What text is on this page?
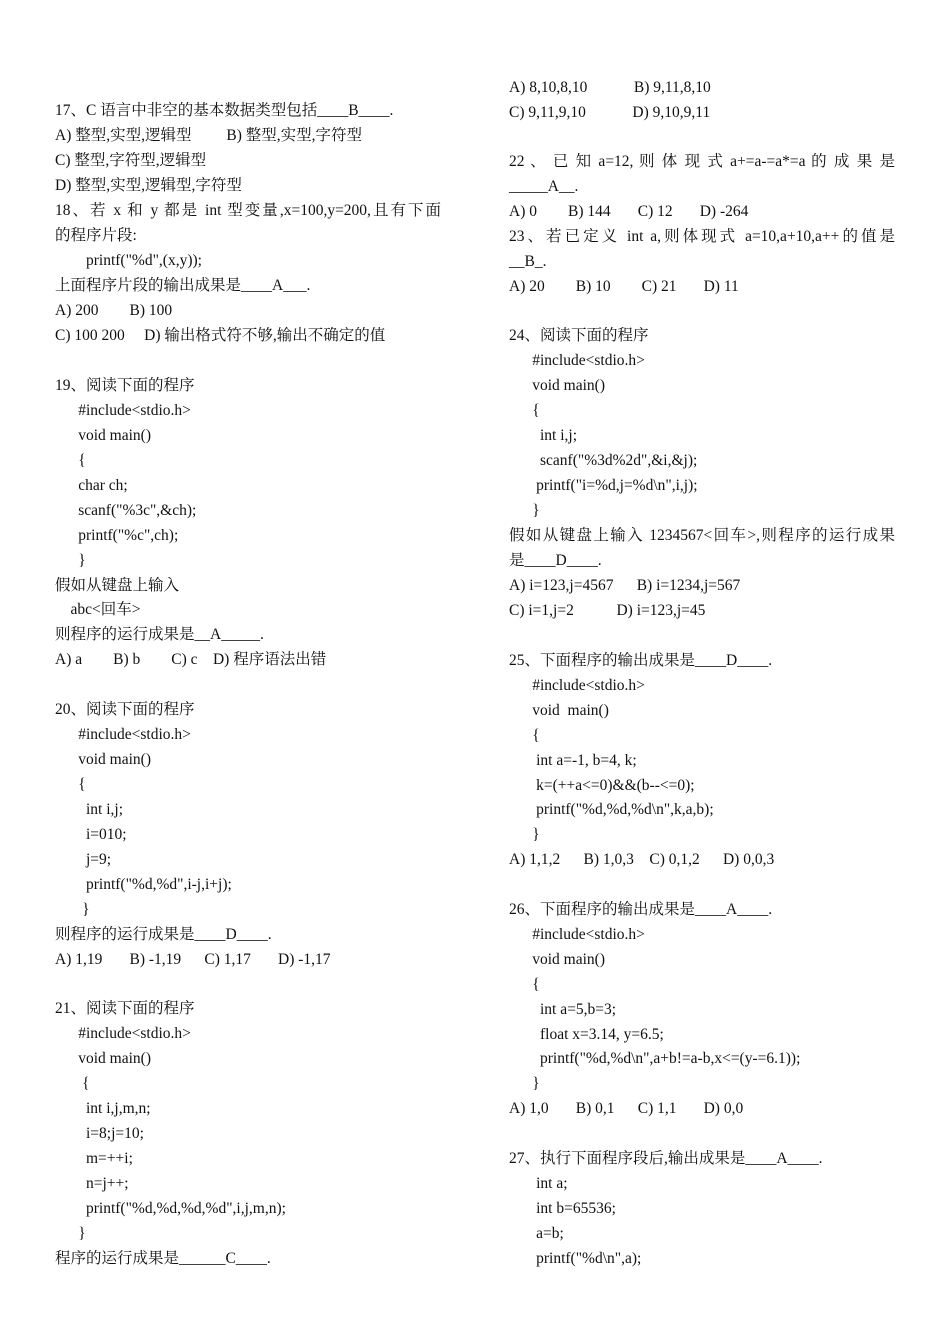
17、C 语言中非空的基本数据类型包括____B____.
A) 整型,实型,逻辑型         B) 整型,实型,字符型
C) 整型,字符型,逻辑型
D) 整型,实型,逻辑型,字符型
18、若 x 和 y 都是 int 型变量,x=100,y=200,且有下面
的程序片段:
printf("%d",(x,y));
上面程序片段的输出成果是____A___.
A) 200        B) 100
C) 100 200     D) 输出格式符不够,输出不确定的值
19、阅读下面的程序
#include<stdio.h>
void main()
{
char ch;
scanf("%3c",&ch);
printf("%c",ch);
}
假如从键盘上输入
abc<回车>
则程序的运行成果是__A_____.
A) a        B) b        C) c    D) 程序语法出错
20、阅读下面的程序
#include<stdio.h>
void main()
{
int i,j;
i=010;
j=9;
printf("%d,%d",i-j,i+j);
}
则程序的运行成果是____D____.
A) 1,19       B) -1,19      C) 1,17       D) -1,17
21、阅读下面的程序
#include<stdio.h>
void main()
{
int i,j,m,n;
i=8;j=10;
m=++i;
n=j++;
printf("%d,%d,%d,%d",i,j,m,n);
}
程序的运行成果是______C____.
A) 8,10,8,10            B) 9,11,8,10
C) 9,11,9,10            D) 9,10,9,11
22 、 已 知 a=12, 则 体 现 式 a+=a-=a*=a 的 成 果 是
_____A__.
A) 0        B) 144       C) 12       D) -264
23、若已定义 int a,则体现式 a=10,a+10,a++的值是
__B_.
A) 20        B) 10        C) 21       D) 11
24、阅读下面的程序
#include<stdio.h>
void main()
{
int i,j;
scanf("%3d%2d",&i,&j);
printf("i=%d,j=%d\n",i,j);
}
假如从键盘上输入 1234567<回车>,则程序的运行成果
是____D____.
A) i=123,j=4567      B) i=1234,j=567
C) i=1,j=2           D) i=123,j=45
25、下面程序的输出成果是____D____.
#include<stdio.h>
void  main()
{
int a=-1, b=4, k;
k=(++a<=0)&&(b--<=0);
printf("%d,%d,%d\n",k,a,b);
}
A) 1,1,2      B) 1,0,3    C) 0,1,2      D) 0,0,3
26、下面程序的输出成果是____A____.
#include<stdio.h>
void main()
{
int a=5,b=3;
float x=3.14, y=6.5;
printf("%d,%d\n",a+b!=a-b,x<=(y-=6.1));
}
A) 1,0       B) 0,1      C) 1,1       D) 0,0
27、执行下面程序段后,输出成果是____A____.
int a;
int b=65536;
a=b;
printf("%d\n",a);
